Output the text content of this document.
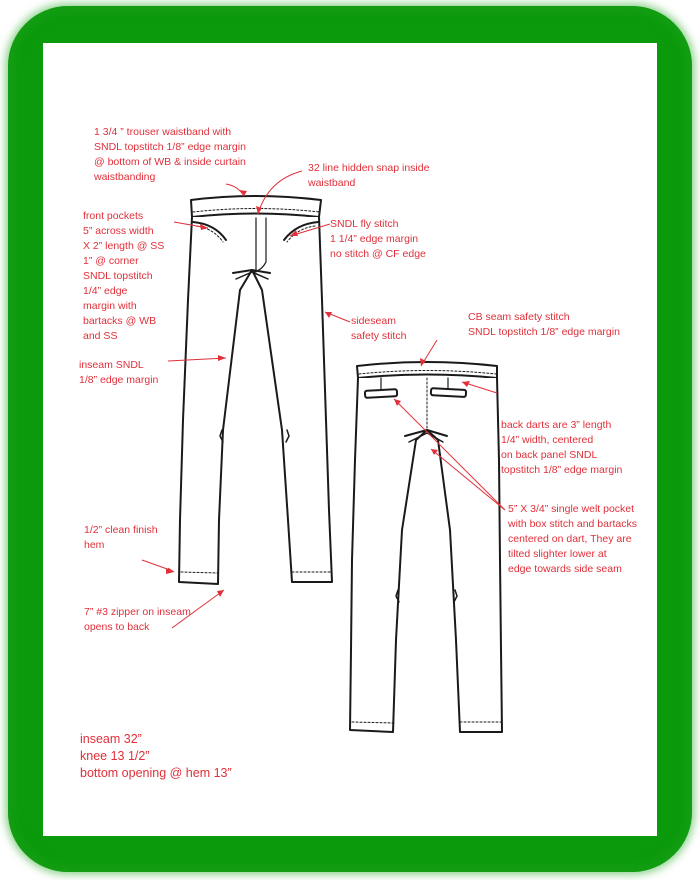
1 3/4 ” trouser waistband with
SNDL topstitch 1/8” edge margin
@ bottom of WB & inside curtain
waistbanding

32 line hidden snap inside
waistband

front pockets
5” across width
X 2” length @ SS
1” @ corner
SNDL topstitch
1/4” edge
margin with
bartacks @ WB
and SS

SNDL fly stitch
1 1/4” edge margin
no stitch @ CF edge

sideseam
safety stitch

CB seam safety stitch
SNDL topstitch 1/8” edge margin

inseam SNDL
1/8” edge margin

back darts are 3” length
1/4” width, centered
on back panel SNDL
topstitch 1/8” edge margin

5” X 3/4” single welt pocket
with box stitch and bartacks
centered on dart, They are
tilted slighter lower at
edge towards side seam

1/2” clean finish
hem

7” #3 zipper on inseam
opens to back

inseam 32”

knee 13 1/2”

bottom opening @ hem 13”
